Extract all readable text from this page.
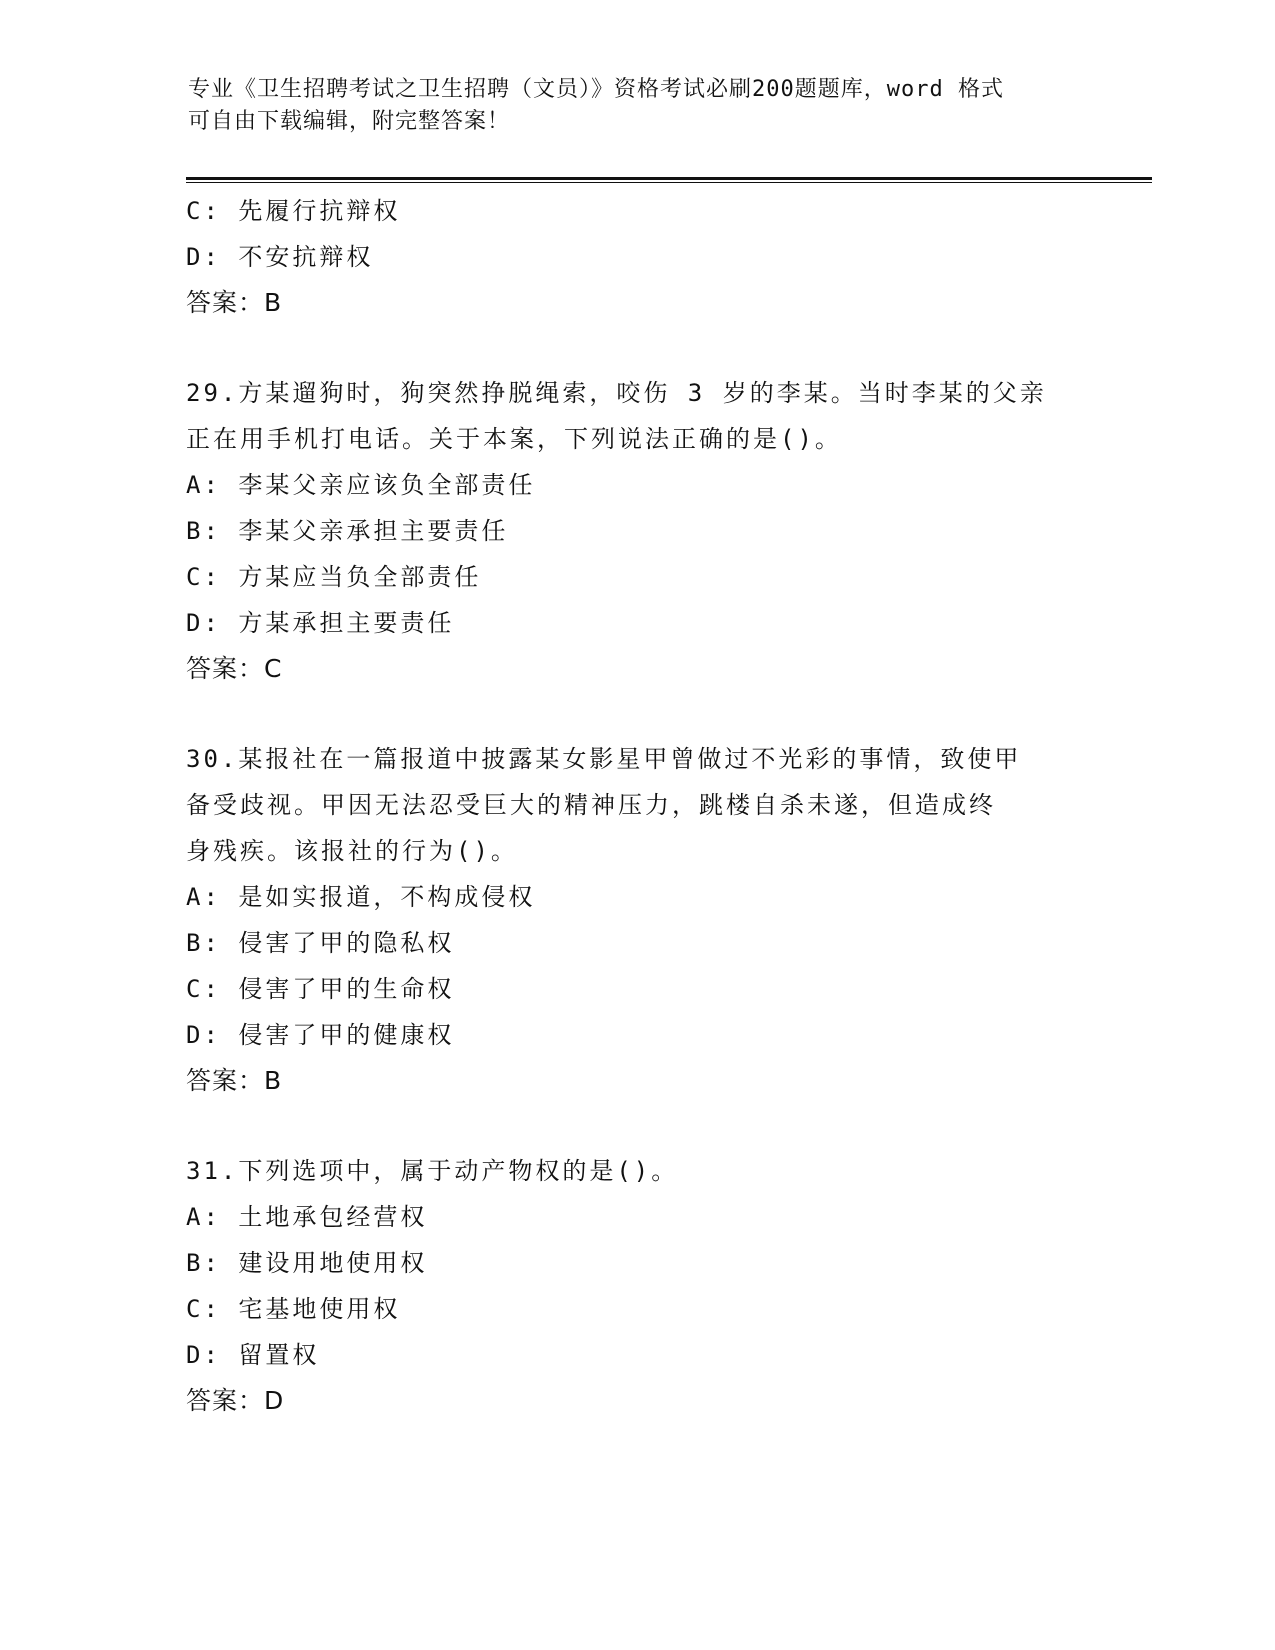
专业《卫生招聘考试之卫生招聘（文员）》资格考试必刷200题题库，word 格式
可自由下载编辑，附完整答案！
C: 先履行抗辩权
D: 不安抗辩权
答案：B
29.方某遛狗时，狗突然挣脱绳索，咬伤 3 岁的李某。当时李某的父亲
正在用手机打电话。关于本案，下列说法正确的是()。
A: 李某父亲应该负全部责任
B: 李某父亲承担主要责任
C: 方某应当负全部责任
D: 方某承担主要责任
答案：C
30.某报社在一篇报道中披露某女影星甲曾做过不光彩的事情，致使甲
备受歧视。甲因无法忍受巨大的精神压力，跳楼自杀未遂，但造成终
身残疾。该报社的行为()。
A: 是如实报道，不构成侵权
B: 侵害了甲的隐私权
C: 侵害了甲的生命权
D: 侵害了甲的健康权
答案：B
31.下列选项中，属于动产物权的是()。
A: 土地承包经营权
B: 建设用地使用权
C: 宅基地使用权
D: 留置权
答案：D
